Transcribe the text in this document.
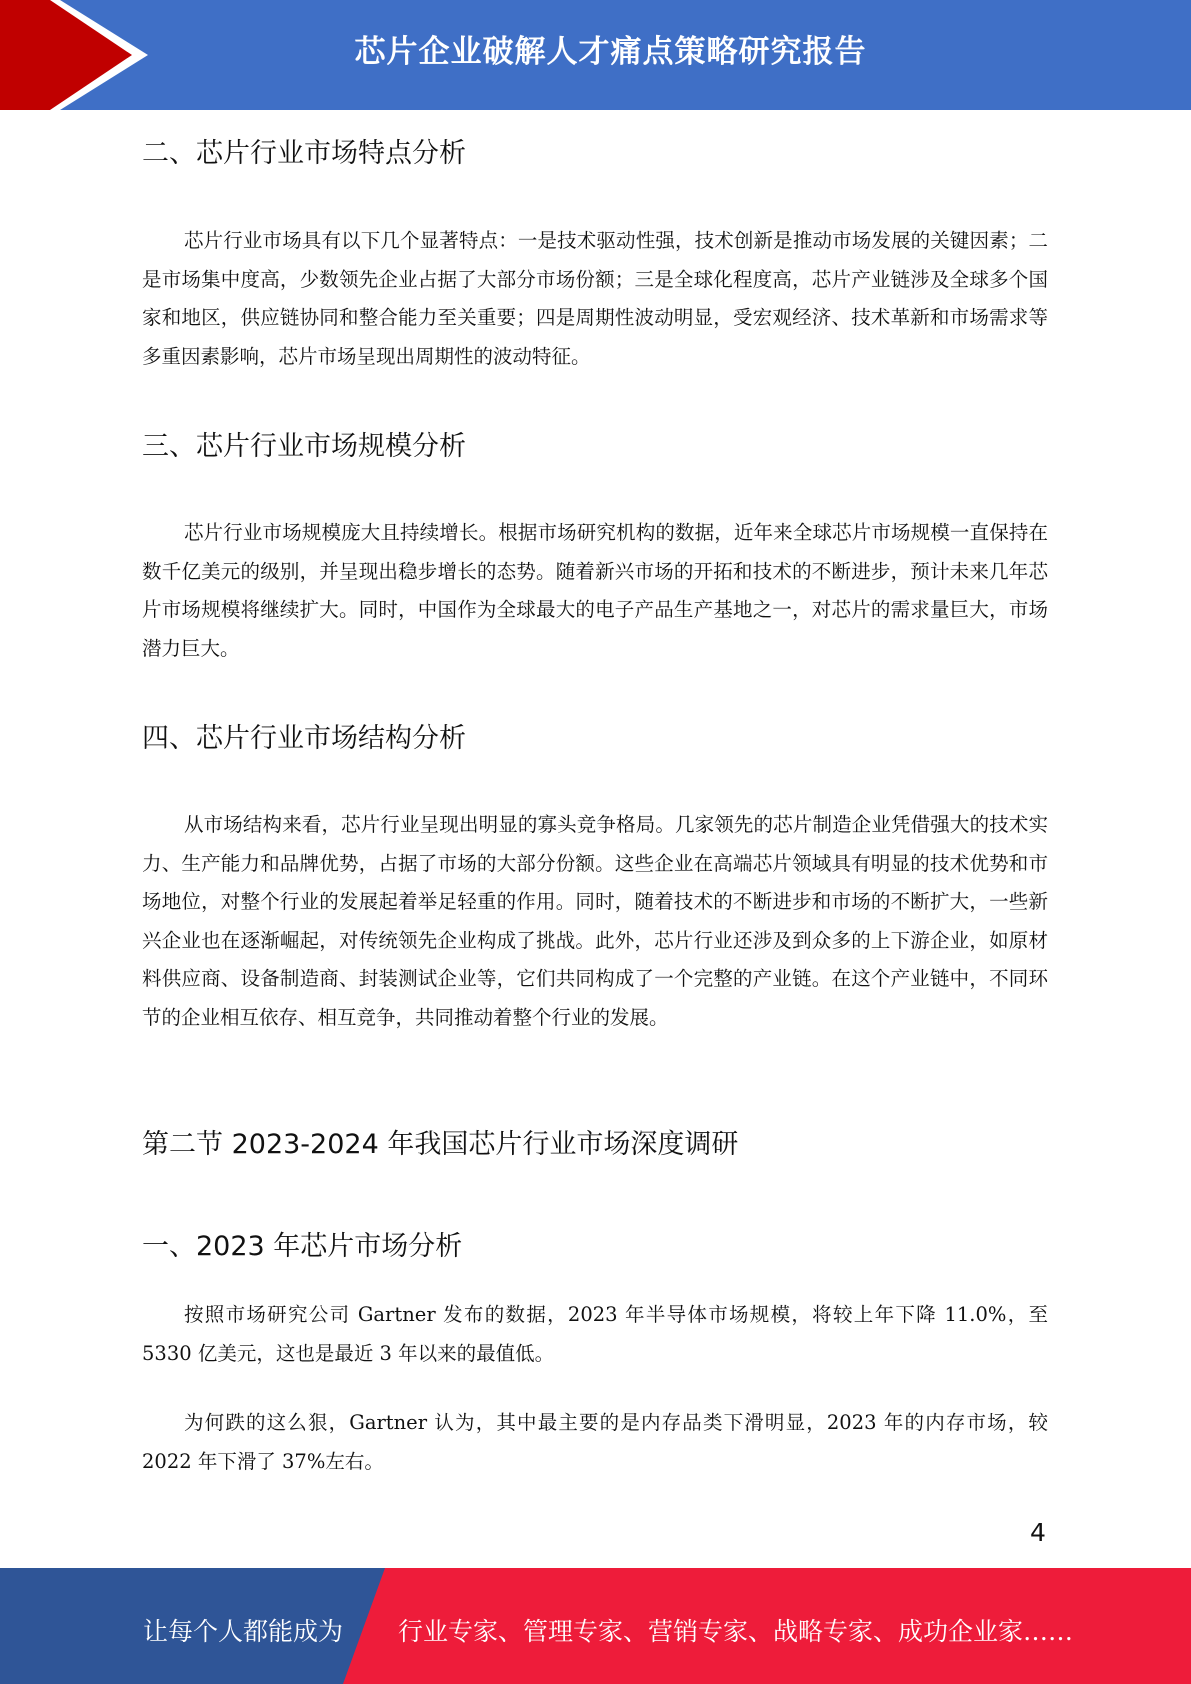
芯片企业破解人才痛点策略研究报告
二、芯片行业市场特点分析

芯片行业市场具有以下几个显著特点：一是技术驱动性强，技术创新是推动市场发展的关键因素；二是市场集中度高，少数领先企业占据了大部分市场份额；三是全球化程度高，芯片产业链涉及全球多个国家和地区，供应链协同和整合能力至关重要；四是周期性波动明显，受宏观经济、技术革新和市场需求等多重因素影响，芯片市场呈现出周期性的波动特征。

三、芯片行业市场规模分析

芯片行业市场规模庞大且持续增长。根据市场研究机构的数据，近年来全球芯片市场规模一直保持在数千亿美元的级别，并呈现出稳步增长的态势。随着新兴市场的开拓和技术的不断进步，预计未来几年芯片市场规模将继续扩大。同时，中国作为全球最大的电子产品生产基地之一，对芯片的需求量巨大，市场潜力巨大。

四、芯片行业市场结构分析

从市场结构来看，芯片行业呈现出明显的寡头竞争格局。几家领先的芯片制造企业凭借强大的技术实力、生产能力和品牌优势，占据了市场的大部分份额。这些企业在高端芯片领域具有明显的技术优势和市场地位，对整个行业的发展起着举足轻重的作用。同时，随着技术的不断进步和市场的不断扩大，一些新兴企业也在逐渐崛起，对传统领先企业构成了挑战。此外，芯片行业还涉及到众多的上下游企业，如原材料供应商、设备制造商、封装测试企业等，它们共同构成了一个完整的产业链。在这个产业链中，不同环节的企业相互依存、相互竞争，共同推动着整个行业的发展。

第二节 2023-2024 年我国芯片行业市场深度调研
一、2023 年芯片市场分析

按照市场研究公司 Gartner 发布的数据，2023 年半导体市场规模，将较上年下降 11.0%，至 5330 亿美元，这也是最近 3 年以来的最值低。

为何跌的这么狠，Gartner 认为，其中最主要的是内存品类下滑明显，2023 年的内存市场，较 2022 年下滑了 37%左右。

4
让每个人都能成为 行业专家、管理专家、营销专家、战略专家、成功企业家……
